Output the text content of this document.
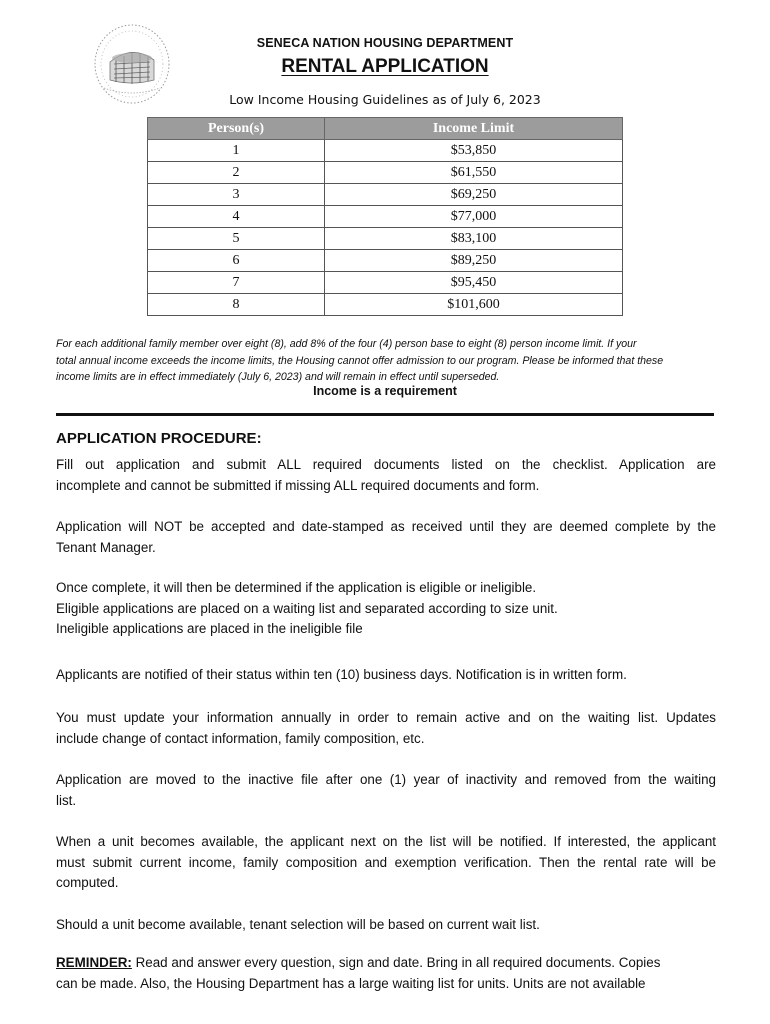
SENECA NATION HOUSING DEPARTMENT
RENTAL APPLICATION
Low Income Housing Guidelines as of July 6, 2023
Person(s)	Income Limit
1	$53,850
2	$61,550
3	$69,250
4	$77,000
5	$83,100
6	$89,250
7	$95,450
8	$101,600
For each additional family member over eight (8), add 8% of the four (4) person base to eight (8) person income limit. If your
total annual income exceeds the income limits, the Housing cannot offer admission to our program. Please be informed that these
income limits are in effect immediately (July 6, 2023) and will remain in effect until superseded.
Income is a requirement
APPLICATION PROCEDURE:
Fill out application and submit ALL required documents listed on the checklist. Application are
incomplete and cannot be submitted if missing ALL required documents and form.
Application will NOT be accepted and date-stamped as received until they are deemed complete by the
Tenant Manager.
Once complete, it will then be determined if the application is eligible or ineligible.
Eligible applications are placed on a waiting list and separated according to size unit.
Ineligible applications are placed in the ineligible file
Applicants are notified of their status within ten (10) business days. Notification is in written form.
You must update your information annually in order to remain active and on the waiting list. Updates
include change of contact information, family composition, etc.
Application are moved to the inactive file after one (1) year of inactivity and removed from the waiting
list.
When a unit becomes available, the applicant next on the list will be notified. If interested, the applicant
must submit current income, family composition and exemption verification. Then the rental rate will be
computed.
Should a unit become available, tenant selection will be based on current wait list.
REMINDER: Read and answer every question, sign and date. Bring in all required documents. Copies
can be made. Also, the Housing Department has a large waiting list for units. Units are not available
